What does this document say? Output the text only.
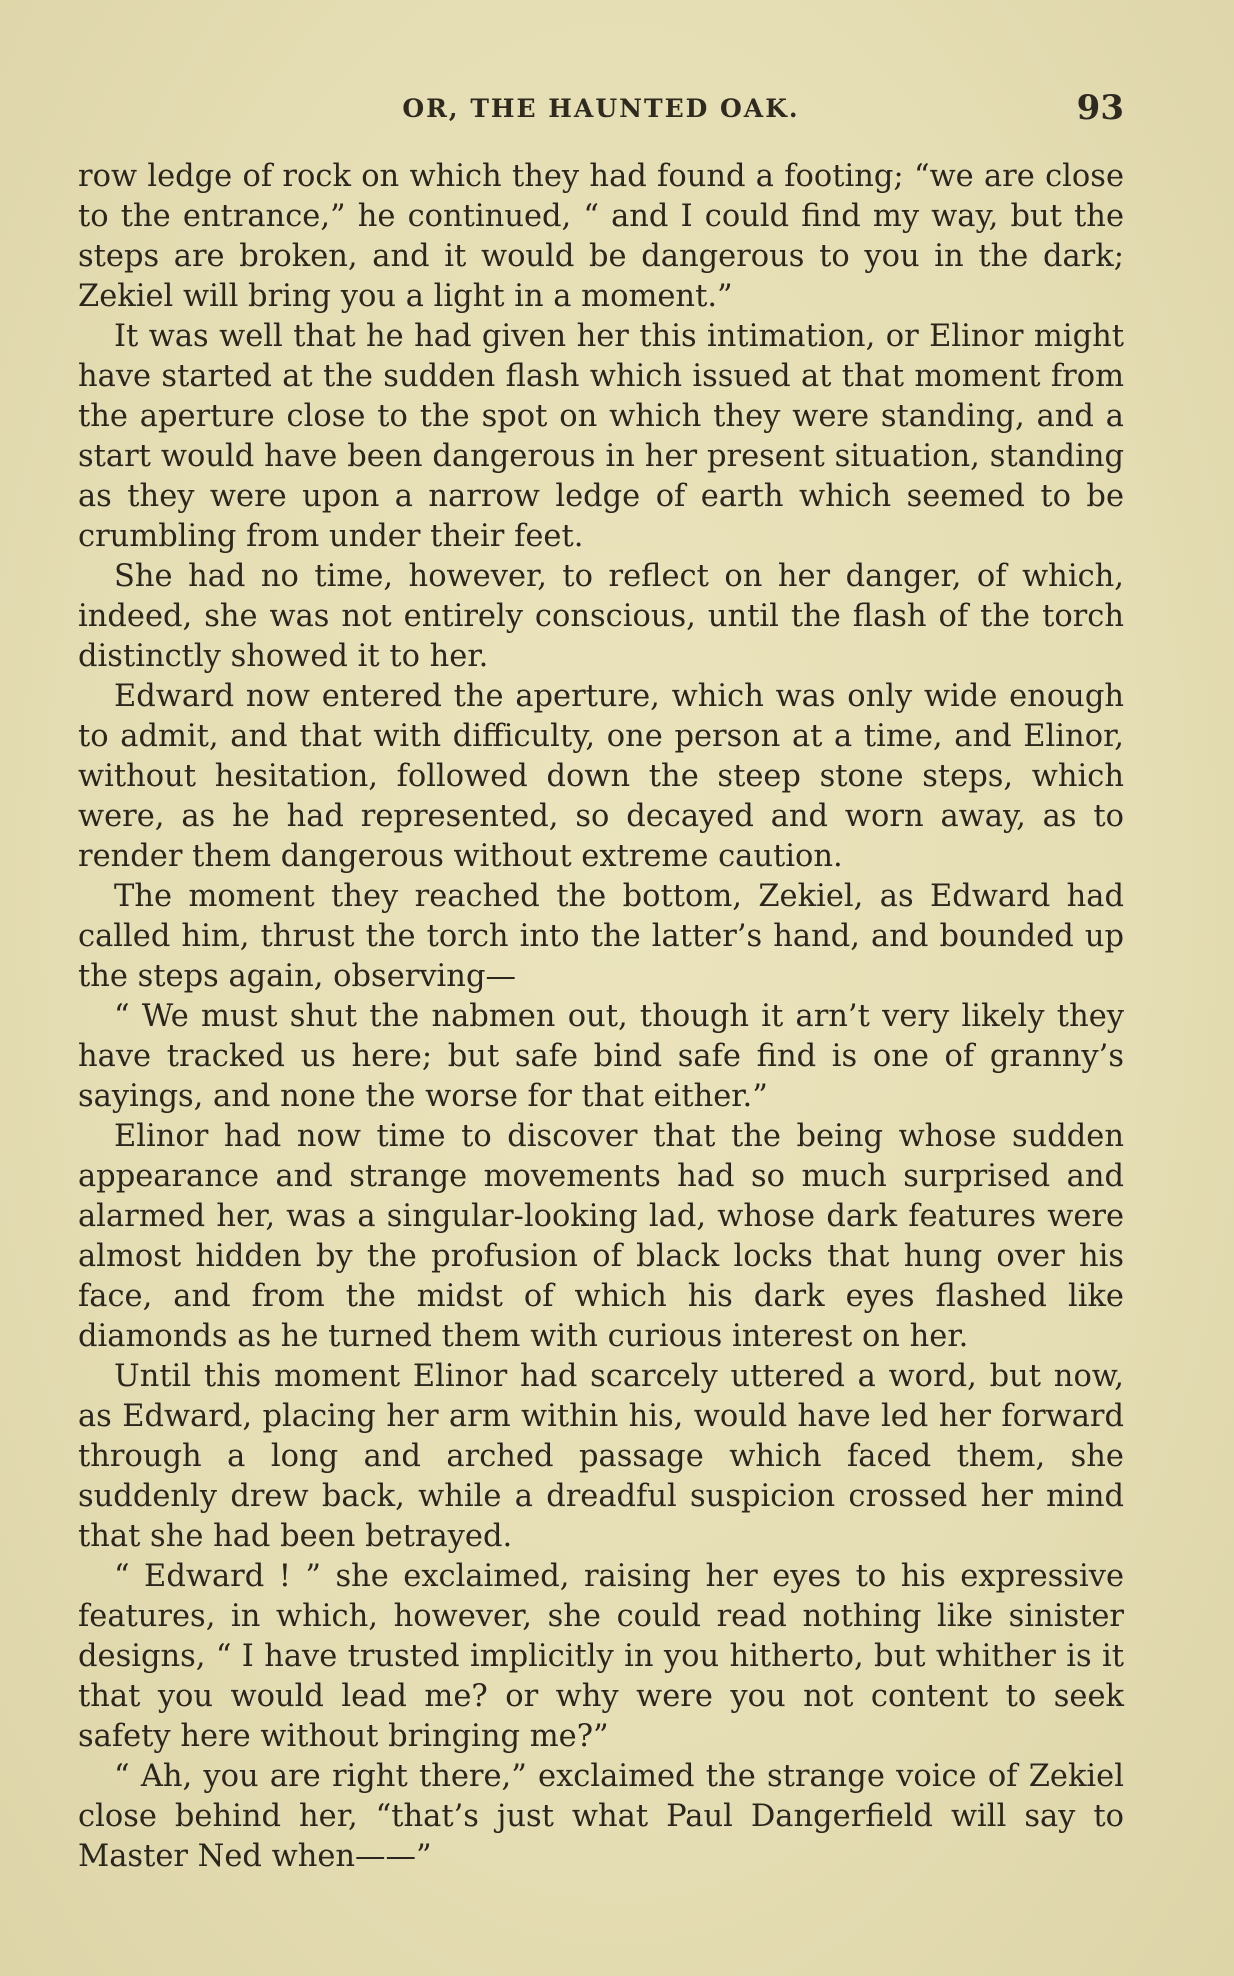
OR, THE HAUNTED OAK.	93

row ledge of rock on which they had found a footing; “we are close to the entrance,” he continued, “ and I could find my way, but the steps are broken, and it would be dangerous to you in the dark; Zekiel will bring you a light in a moment.”

It was well that he had given her this intimation, or Elinor might have started at the sudden flash which issued at that moment from the aperture close to the spot on which they were standing, and a start would have been dangerous in her present situation, standing as they were upon a narrow ledge of earth which seemed to be crumbling from under their feet.

She had no time, however, to reflect on her danger, of which, indeed, she was not entirely conscious, until the flash of the torch distinctly showed it to her.

Edward now entered the aperture, which was only wide enough to admit, and that with difficulty, one person at a time, and Elinor, without hesitation, followed down the steep stone steps, which were, as he had represented, so decayed and worn away, as to render them dangerous without extreme caution.

The moment they reached the bottom, Zekiel, as Edward had called him, thrust the torch into the latter’s hand, and bounded up the steps again, observing—

“ We must shut the nabmen out, though it arn’t very likely they have tracked us here; but safe bind safe find is one of granny’s sayings, and none the worse for that either.”

Elinor had now time to discover that the being whose sudden appearance and strange movements had so much surprised and alarmed her, was a singular-looking lad, whose dark features were almost hidden by the profusion of black locks that hung over his face, and from the midst of which his dark eyes flashed like diamonds as he turned them with curious interest on her.

Until this moment Elinor had scarcely uttered a word, but now, as Edward, placing her arm within his, would have led her forward through a long and arched passage which faced them, she suddenly drew back, while a dreadful suspicion crossed her mind that she had been betrayed.

“ Edward ! ” she exclaimed, raising her eyes to his expressive features, in which, however, she could read nothing like sinister designs, “ I have trusted implicitly in you hitherto, but whither is it that you would lead me? or why were you not content to seek safety here without bringing me?”

“ Ah, you are right there,” exclaimed the strange voice of Zekiel close behind her, “that’s just what Paul Dangerfield will say to Master Ned when——”
